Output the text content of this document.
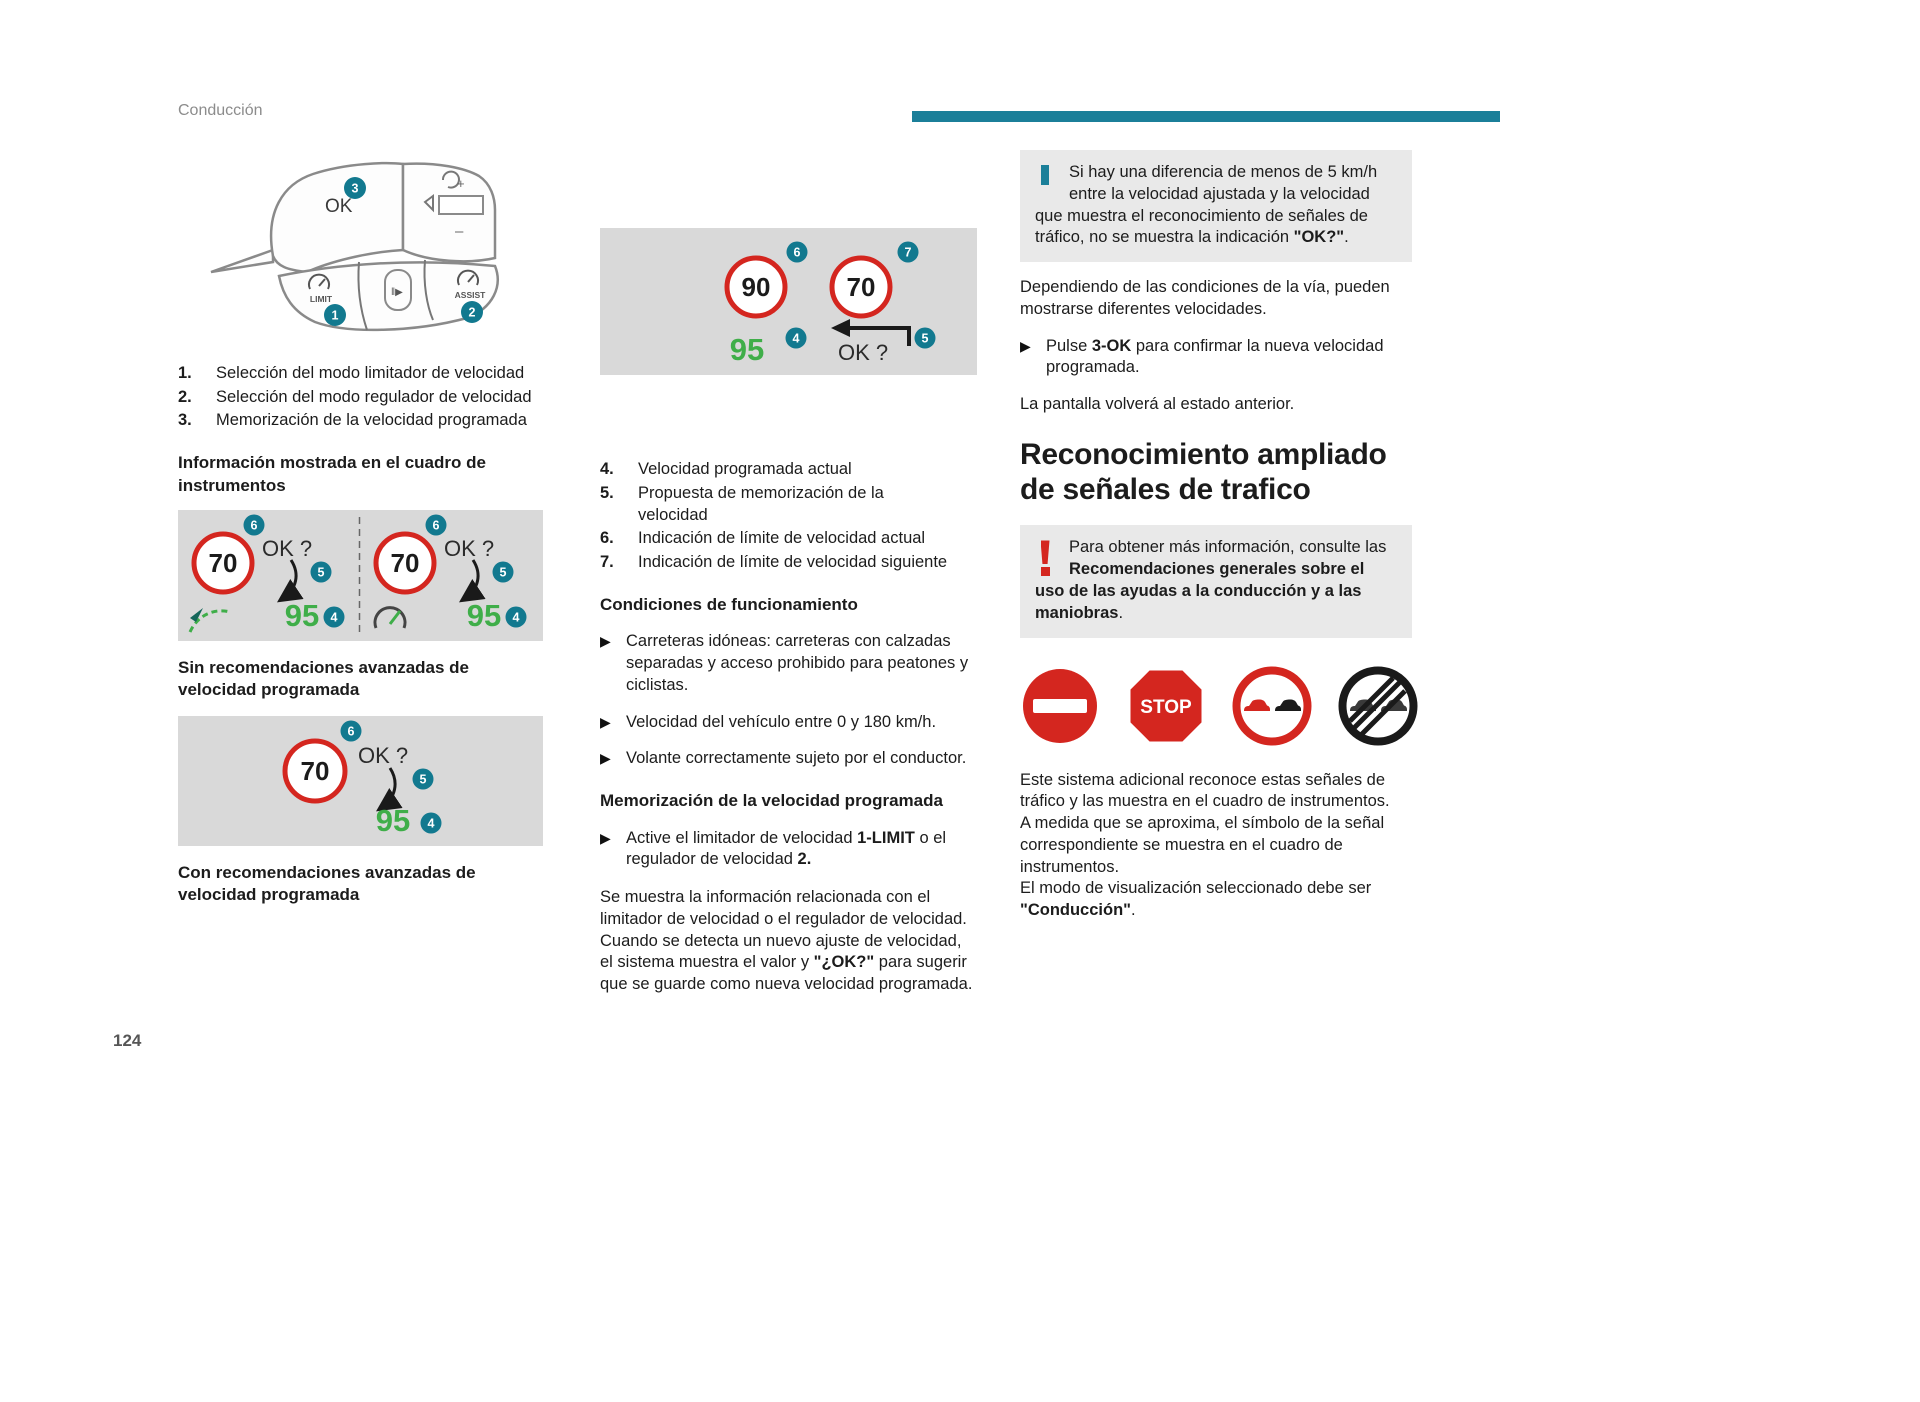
Conducción
124
OK
3	+
–
LIMIT
1
‖▶	ASSIST
2
1.	Selección del modo limitador de velocidad
2.	Selección del modo regulador de velocidad
3.	Memorización de la velocidad programada
Información mostrada en el cuadro de instrumentos
70
6
OK ?
5
95 4
70
6
OK ?
5
95 4
Sin recomendaciones avanzadas de velocidad programada
70
6
OK ?
5
95 4
Con recomendaciones avanzadas de velocidad programada
90
6
70
7
95 4
OK ?
5
4.	Velocidad programada actual
5.	Propuesta de memorización de la velocidad
6.	Indicación de límite de velocidad actual
7.	Indicación de límite de velocidad siguiente
Condiciones de funcionamiento
▶ Carreteras idóneas: carreteras con calzadas separadas y acceso prohibido para peatones y ciclistas.
▶ Velocidad del vehículo entre 0 y 180 km/h.
▶ Volante correctamente sujeto por el conductor.
Memorización de la velocidad programada
▶ Active el limitador de velocidad 1-LIMIT o el regulador de velocidad 2.

Se muestra la información relacionada con el limitador de velocidad o el regulador de velocidad.

Cuando se detecta un nuevo ajuste de velocidad, el sistema muestra el valor y "¿OK?" para sugerir que se guarde como nueva velocidad programada.

Si hay una diferencia de menos de 5 km/h entre la velocidad ajustada y la velocidad que muestra el reconocimiento de señales de tráfico, no se muestra la indicación "OK?".

Dependiendo de las condiciones de la vía, pueden mostrarse diferentes velocidades.

▶ Pulse 3-OK para confirmar la nueva velocidad programada.

La pantalla volverá al estado anterior.

Reconocimiento ampliado de señales de trafico
Para obtener más información, consulte las Recomendaciones generales sobre el uso de las ayudas a la conducción y a las maniobras.
STOP

Este sistema adicional reconoce estas señales de tráfico y las muestra en el cuadro de instrumentos.

A medida que se aproxima, el símbolo de la señal correspondiente se muestra en el cuadro de instrumentos.

El modo de visualización seleccionado debe ser "Conducción".
